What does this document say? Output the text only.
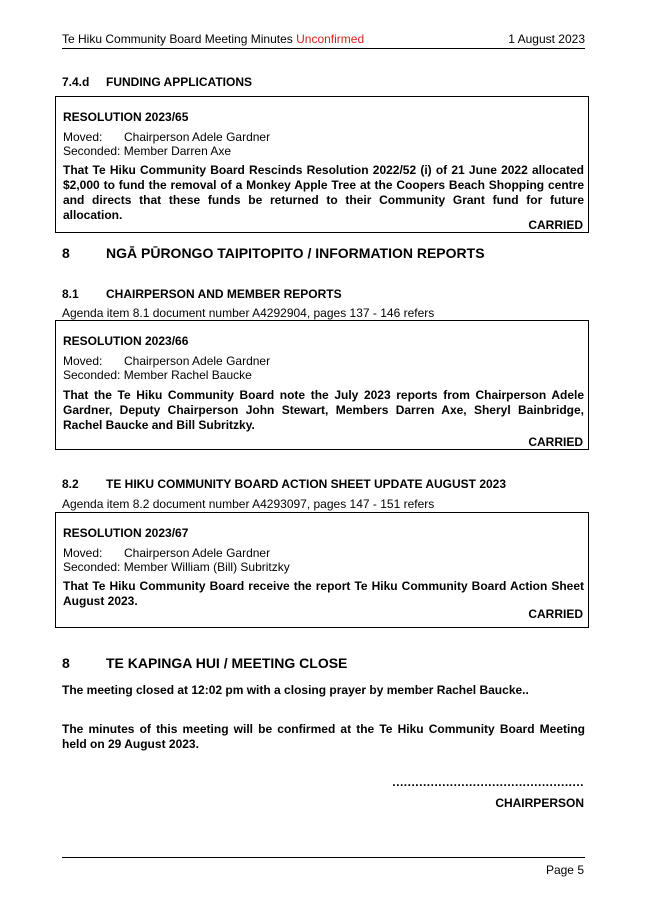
Te Hiku Community Board Meeting Minutes Unconfirmed	1 August 2023
7.4.d FUNDING APPLICATIONS
RESOLUTION 2023/65
Moved: Chairperson Adele Gardner
Seconded: Member Darren Axe
That Te Hiku Community Board Rescinds Resolution 2022/52 (i) of 21 June 2022 allocated $2,000 to fund the removal of a Monkey Apple Tree at the Coopers Beach Shopping centre and directs that these funds be returned to their Community Grant fund for future allocation.
CARRIED
8	NGĀ PŪRONGO TAIPITOPITO / INFORMATION REPORTS
8.1 CHAIRPERSON AND MEMBER REPORTS
Agenda item 8.1 document number A4292904, pages 137 - 146 refers
RESOLUTION 2023/66
Moved: Chairperson Adele Gardner
Seconded: Member Rachel Baucke
That the Te Hiku Community Board note the July 2023 reports from Chairperson Adele Gardner, Deputy Chairperson John Stewart, Members Darren Axe, Sheryl Bainbridge, Rachel Baucke and Bill Subritzky.
CARRIED
8.2 TE HIKU COMMUNITY BOARD ACTION SHEET UPDATE AUGUST 2023
Agenda item 8.2 document number A4293097, pages 147 - 151 refers
RESOLUTION 2023/67
Moved: Chairperson Adele Gardner
Seconded: Member William (Bill) Subritzky
That Te Hiku Community Board receive the report Te Hiku Community Board Action Sheet August 2023.
CARRIED
8	TE KAPINGA HUI / MEETING CLOSE
The meeting closed at 12:02 pm with a closing prayer by member Rachel Baucke..
The minutes of this meeting will be confirmed at the Te Hiku Community Board Meeting held on 29 August 2023.
..................................................
CHAIRPERSON
Page 5
